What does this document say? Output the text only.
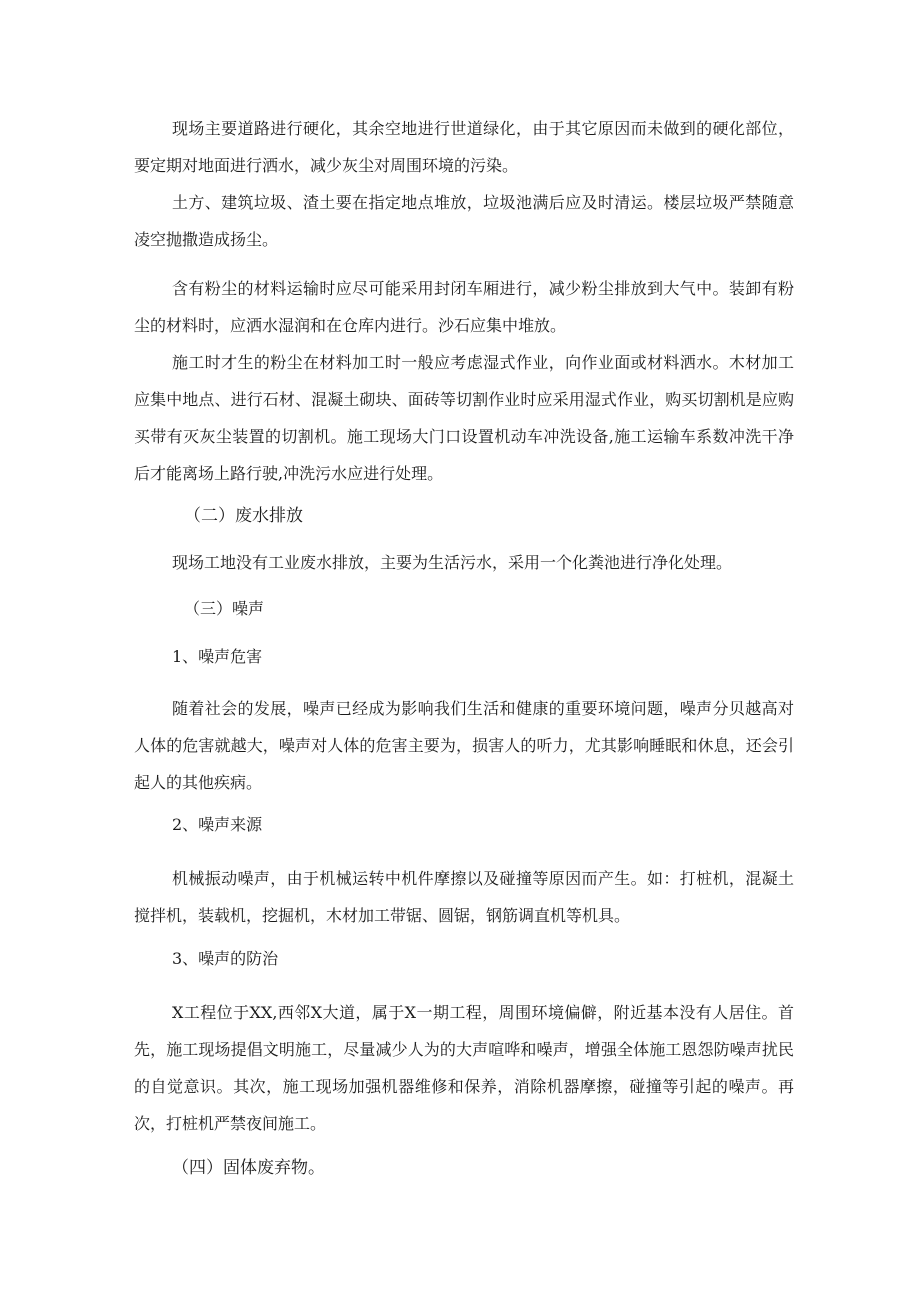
现场主要道路进行硬化，其余空地进行世道绿化，由于其它原因而未做到的硬化部位，要定期对地面进行洒水，减少灰尘对周围环境的污染。

土方、建筑垃圾、渣土要在指定地点堆放，垃圾池满后应及时清运。楼层垃圾严禁随意凌空抛撒造成扬尘。

含有粉尘的材料运输时应尽可能采用封闭车厢进行，减少粉尘排放到大气中。装卸有粉尘的材料时，应洒水湿润和在仓库内进行。沙石应集中堆放。

施工时才生的粉尘在材料加工时一般应考虑湿式作业，向作业面或材料洒水。木材加工应集中地点、进行石材、混凝土砌块、面砖等切割作业时应采用湿式作业，购买切割机是应购买带有灭灰尘装置的切割机。施工现场大门口设置机动车冲洗设备,施工运输车系数冲洗干净后才能离场上路行驶,冲洗污水应进行处理。

（二）废水排放

现场工地没有工业废水排放，主要为生活污水，采用一个化粪池进行净化处理。

（三）噪声
1、噪声危害

随着社会的发展，噪声已经成为影响我们生活和健康的重要环境问题，噪声分贝越高对人体的危害就越大，噪声对人体的危害主要为，损害人的听力，尤其影响睡眠和休息，还会引起人的其他疾病。

2、噪声来源

机械振动噪声，由于机械运转中机件摩擦以及碰撞等原因而产生。如：打桩机，混凝土搅拌机，装载机，挖掘机，木材加工带锯、圆锯，钢筋调直机等机具。

3、噪声的防治

X工程位于XX,西邻X大道，属于X一期工程，周围环境偏僻，附近基本没有人居住。首先，施工现场提倡文明施工，尽量减少人为的大声喧哗和噪声，增强全体施工恩怨防噪声扰民的自觉意识。其次，施工现场加强机器维修和保养，消除机器摩擦，碰撞等引起的噪声。再次，打桩机严禁夜间施工。

（四）固体废弃物。
